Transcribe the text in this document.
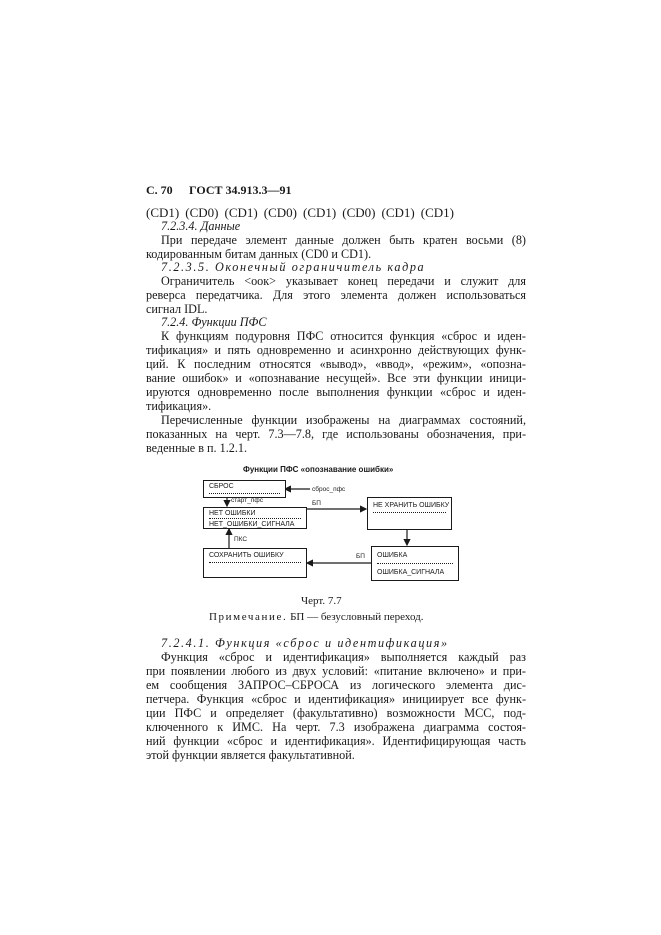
С. 70 ГОСТ 34.913.3—91
(CD1) (CD0) (CD1) (CD0) (CD1) (CD0) (CD1) (CD1)
7.2.3.4. Данные
При передаче элемент данные должен быть кратен восьми (8)
кодированным битам данных (CD0 и CD1).
7.2.3.5. Оконечный ограничитель кадра
Ограничитель <оок> указывает конец передачи и служит для
реверса передатчика. Для этого элемента должен использоваться
сигнал IDL.
7.2.4. Функции ПФС
К функциям подуровня ПФС относится функция «сброс и иден-
тификация» и пять одновременно и асинхронно действующих функ-
ций. К последним относятся «вывод», «ввод», «режим», «опозна-
вание ошибок» и «опознавание несущей». Все эти функции иници-
ируются одновременно после выполнения функции «сброс и иден-
тификация».
Перечисленные функции изображены на диаграммах состояний,
показанных на черт. 7.3—7.8, где использованы обозначения, при-
веденные в п. 1.2.1.
Функции ПФС «опознавание ошибки»
СБРОС	сброс_пфс
старт_пфс
НЕТ ОШИБКИ
НЕТ_ОШИБКИ_СИГНАЛА
БП	НЕ ХРАНИТЬ ОШИБКУ
ПКС
СОХРАНИТЬ ОШИБКУ	БП ОШИБКА
ОШИБКА_СИГНАЛА
Черт. 7.7
Примечание. БП — безусловный переход.
7.2.4.1. Функция «сброс и идентификация»
Функция «сброс и идентификация» выполняется каждый раз
при появлении любого из двух условий: «питание включено» и при-
ем сообщения ЗАПРОС–СБРОСА из логического элемента дис-
петчера. Функция «сброс и идентификация» инициирует все функ-
ции ПФС и определяет (факультативно) возможности МСС, под-
ключенного к ИМС. На черт. 7.3 изображена диаграмма состоя-
ний функции «сброс и идентификация». Идентифицирующая часть
этой функции является факультативной.
